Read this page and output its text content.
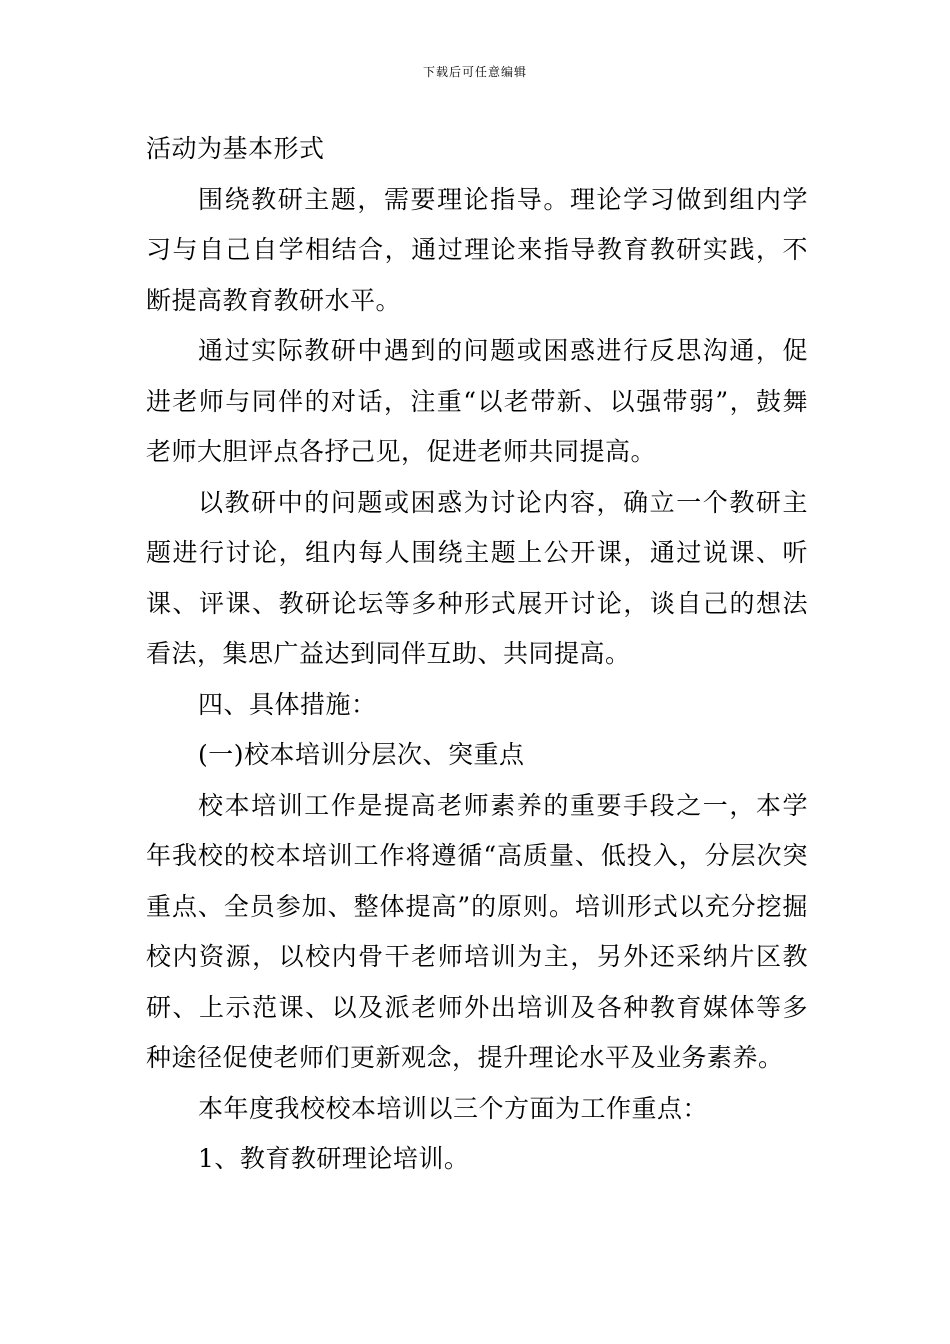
下载后可任意编辑

活动为基本形式

围绕教研主题，需要理论指导。理论学习做到组内学习与自己自学相结合，通过理论来指导教育教研实践，不断提高教育教研水平。

通过实际教研中遇到的问题或困惑进行反思沟通，促进老师与同伴的对话，注重“以老带新、以强带弱”，鼓舞老师大胆评点各抒己见，促进老师共同提高。

以教研中的问题或困惑为讨论内容，确立一个教研主题进行讨论，组内每人围绕主题上公开课，通过说课、听课、评课、教研论坛等多种形式展开讨论，谈自己的想法看法，集思广益达到同伴互助、共同提高。

四、具体措施：

(一)校本培训分层次、突重点

校本培训工作是提高老师素养的重要手段之一，本学年我校的校本培训工作将遵循“高质量、低投入，分层次突重点、全员参加、整体提高”的原则。培训形式以充分挖掘校内资源，以校内骨干老师培训为主，另外还采纳片区教研、上示范课、以及派老师外出培训及各种教育媒体等多种途径促使老师们更新观念，提升理论水平及业务素养。

本年度我校校本培训以三个方面为工作重点：

1、教育教研理论培训。
